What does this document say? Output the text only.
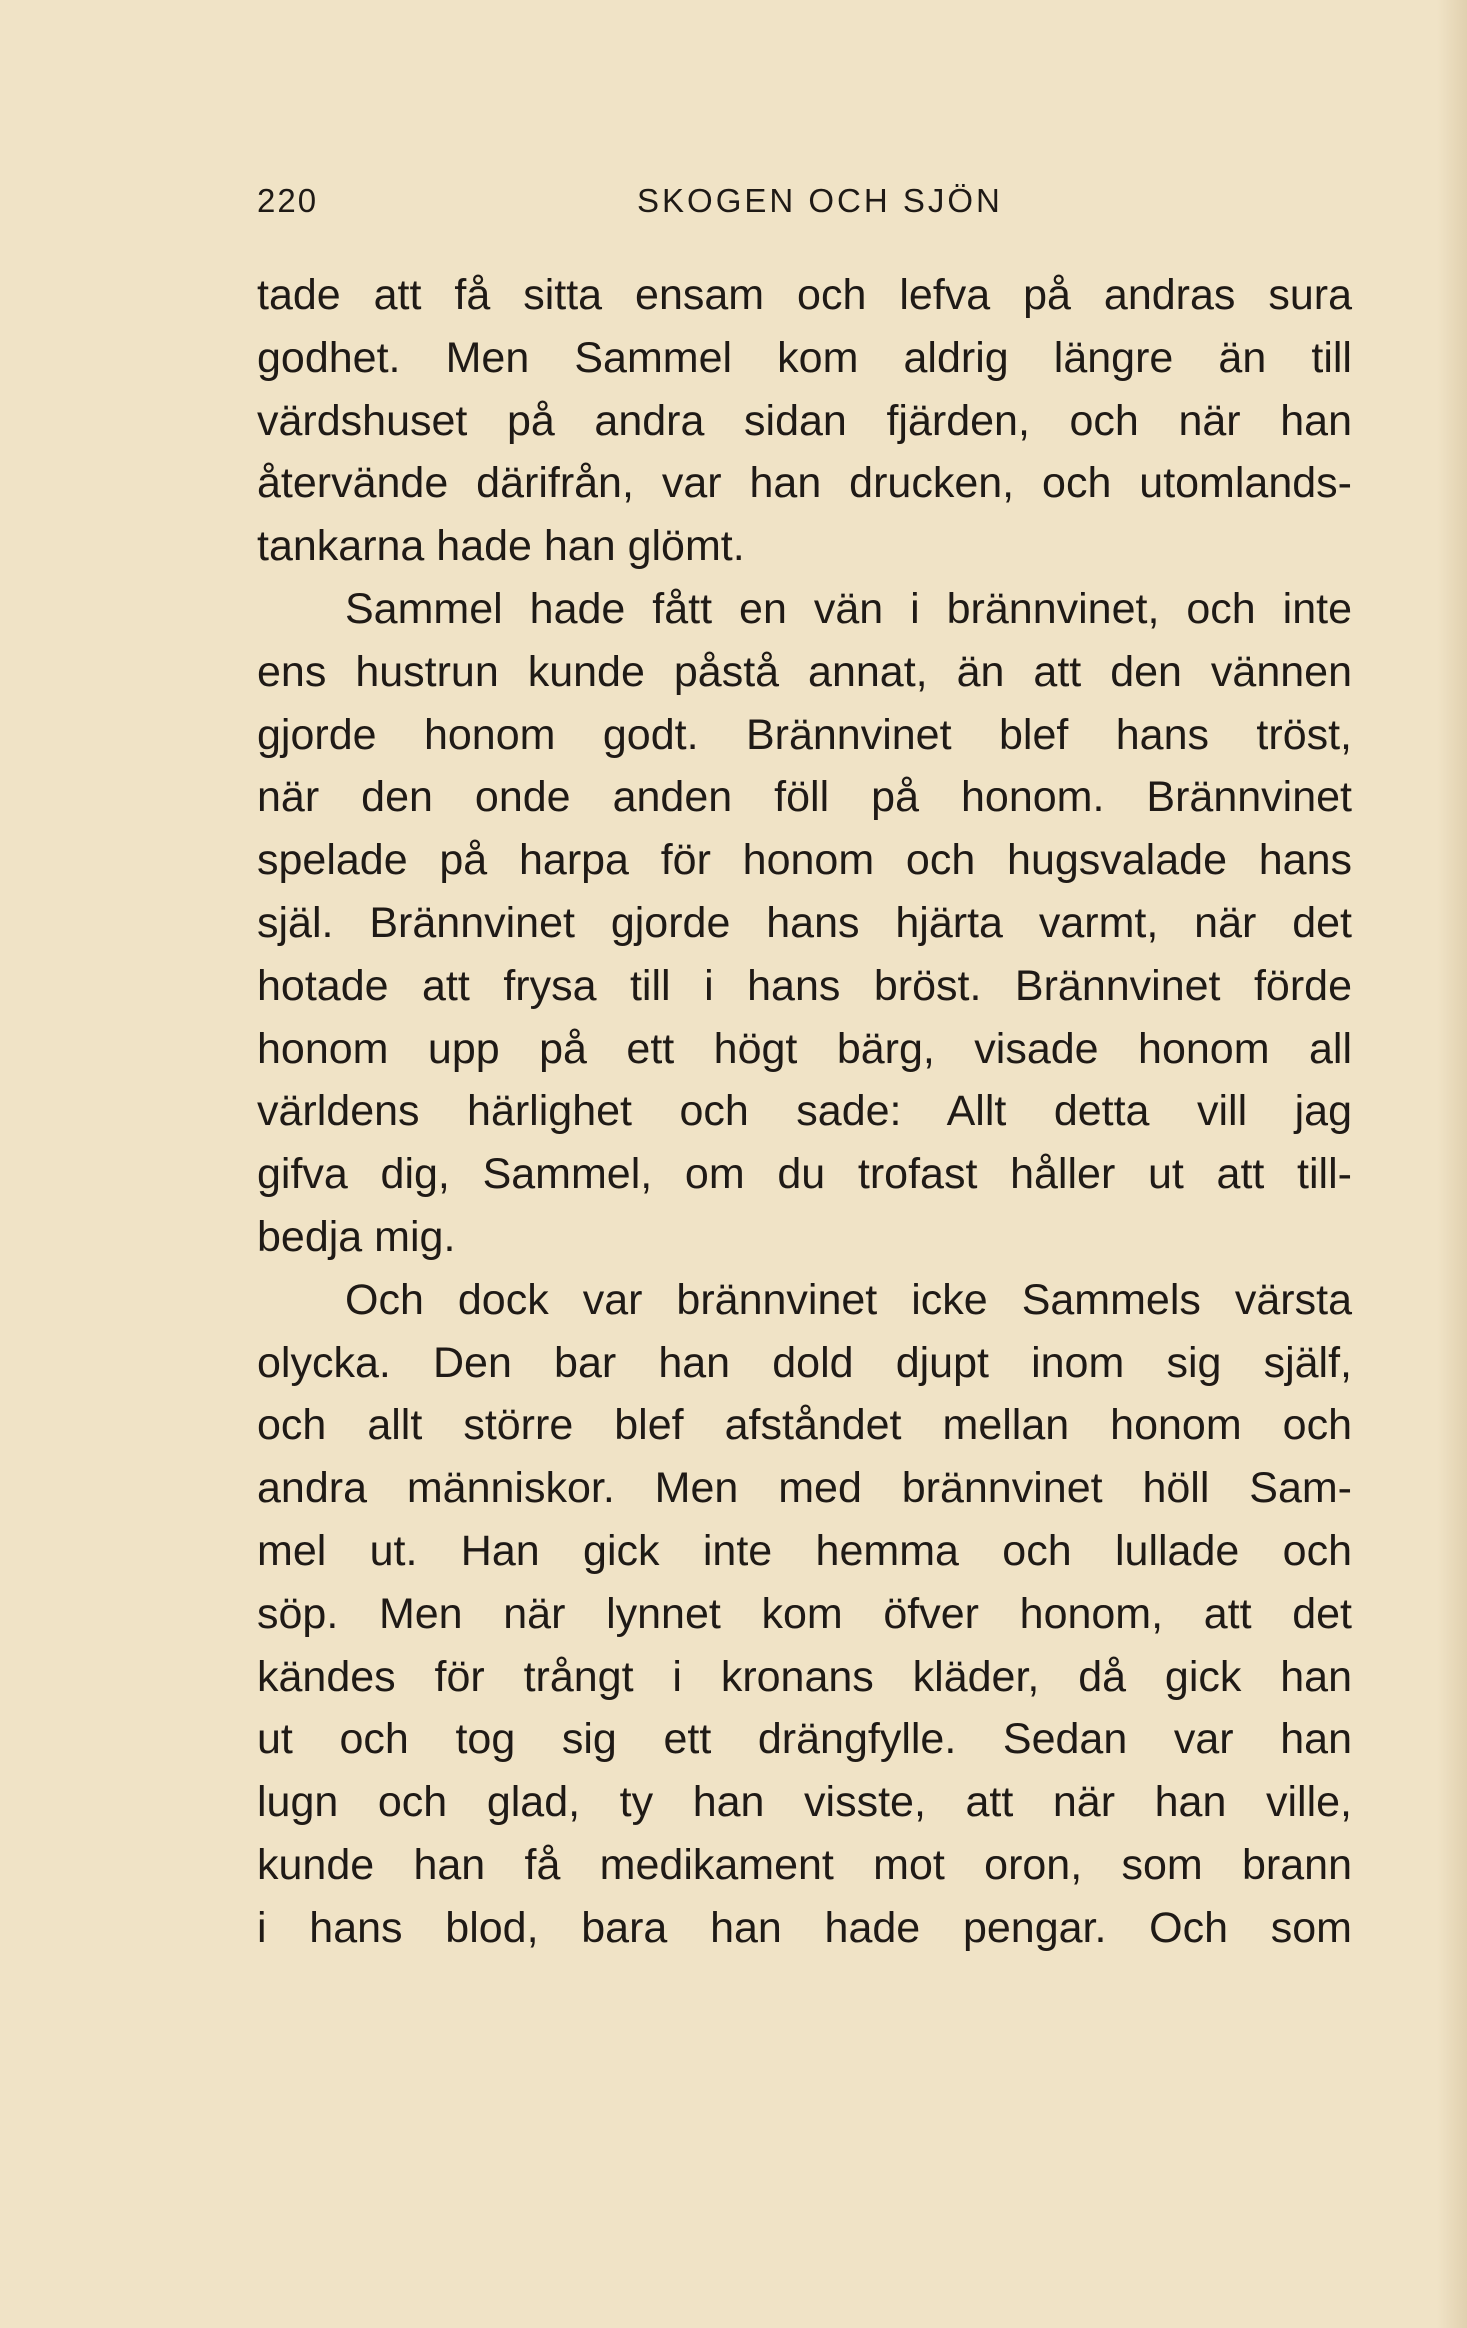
220	SKOGEN OCH SJÖN
tade att få sitta ensam och lefva på andras sura
godhet. Men Sammel kom aldrig längre än till
värdshuset på andra sidan fjärden, och när han
återvände därifrån, var han drucken, och utomlands-
tankarna hade han glömt.
Sammel hade fått en vän i brännvinet, och inte
ens hustrun kunde påstå annat, än att den vännen
gjorde honom godt. Brännvinet blef hans tröst,
när den onde anden föll på honom. Brännvinet
spelade på harpa för honom och hugsvalade hans
själ. Brännvinet gjorde hans hjärta varmt, när det
hotade att frysa till i hans bröst. Brännvinet förde
honom upp på ett högt bärg, visade honom all
världens härlighet och sade: Allt detta vill jag
gifva dig, Sammel, om du trofast håller ut att till-
bedja mig.
Och dock var brännvinet icke Sammels värsta
olycka. Den bar han dold djupt inom sig själf,
och allt större blef afståndet mellan honom och
andra människor. Men med brännvinet höll Sam-
mel ut. Han gick inte hemma och lullade och
söp. Men när lynnet kom öfver honom, att det
kändes för trångt i kronans kläder, då gick han
ut och tog sig ett drängfylle. Sedan var han
lugn och glad, ty han visste, att när han ville,
kunde han få medikament mot oron, som brann
i hans blod, bara han hade pengar. Och som
